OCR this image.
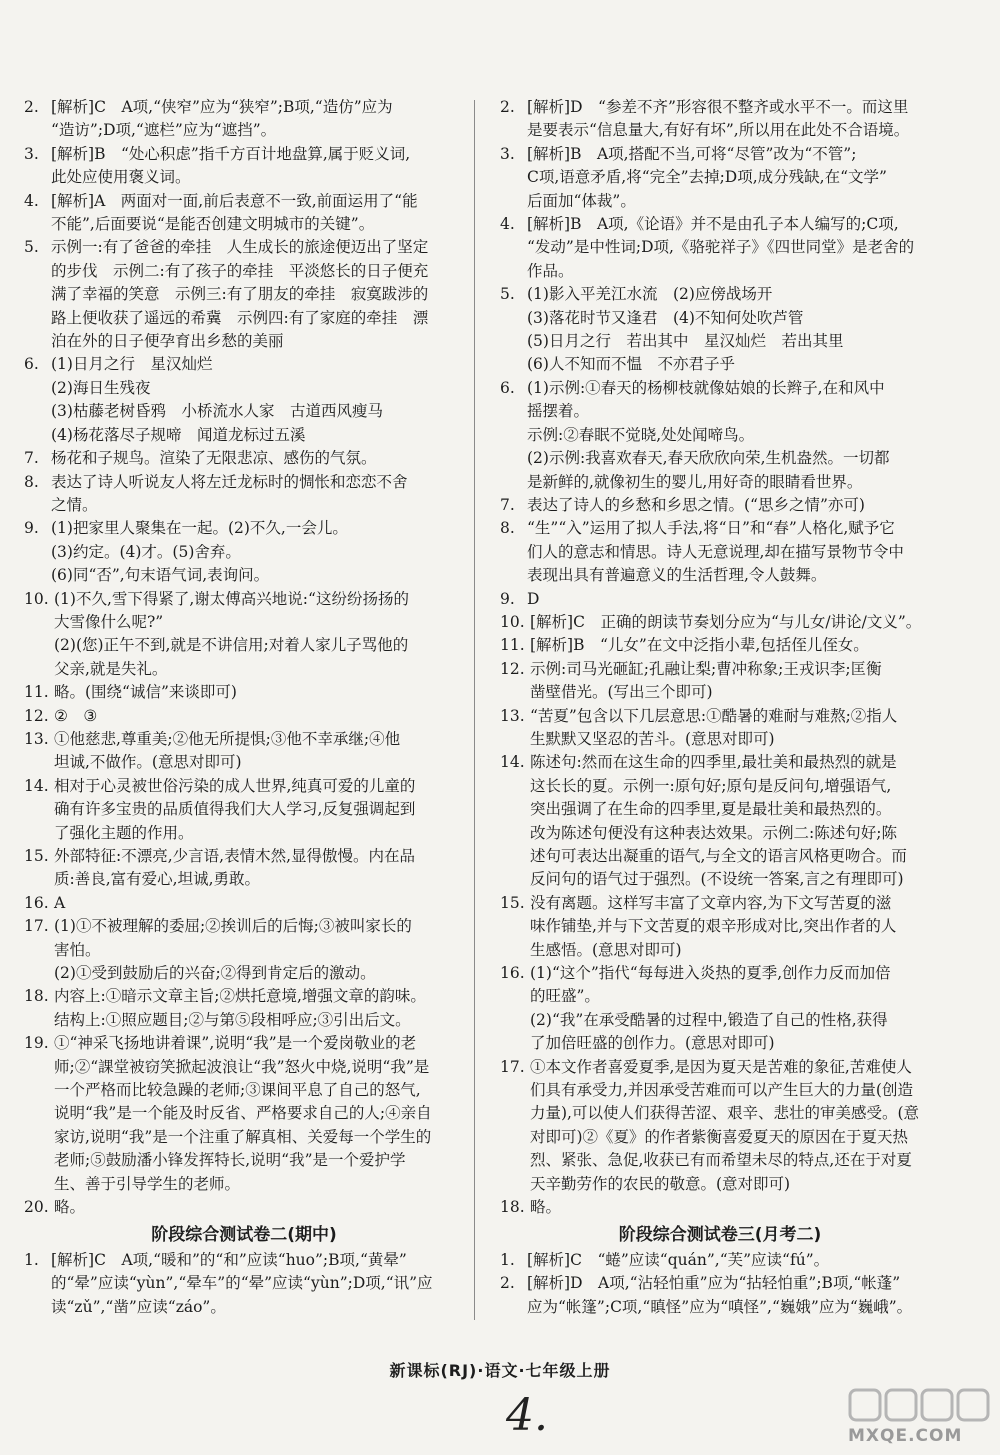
2. [解析]C　A项,“侠窄”应为“狭窄”;B项,“造仿”应为
“造访”;D项,“遮栏”应为“遮挡”。
3. [解析]B　“处心积虑”指千方百计地盘算,属于贬义词,
此处应使用褒义词。
4. [解析]A　两面对一面,前后表意不一致,前面运用了“能
不能”,后面要说“是能否创建文明城市的关键”。
5. 示例一:有了爸爸的牵挂　人生成长的旅途便迈出了坚定
的步伐　示例二:有了孩子的牵挂　平淡悠长的日子便充
满了幸福的笑意　示例三:有了朋友的牵挂　寂寞跋涉的
路上便收获了遥远的希冀　示例四:有了家庭的牵挂　漂
泊在外的日子便孕育出乡愁的美丽
6. (1)日月之行　星汉灿烂
(2)海日生残夜
(3)枯藤老树昏鸦　小桥流水人家　古道西风瘦马
(4)杨花落尽子规啼　闻道龙标过五溪
7. 杨花和子规鸟。渲染了无限悲凉、感伤的气氛。
8. 表达了诗人听说友人将左迁龙标时的惆怅和恋恋不舍
之情。
9. (1)把家里人聚集在一起。(2)不久,一会儿。
(3)约定。(4)才。(5)舍弃。
(6)同“否”,句末语气词,表询问。
10. (1)不久,雪下得紧了,谢太傅高兴地说:“这纷纷扬扬的
大雪像什么呢?”
(2)(您)正午不到,就是不讲信用;对着人家儿子骂他的
父亲,就是失礼。
11. 略。(围绕“诚信”来谈即可)
12. ②　③
13. ①他慈悲,尊重美;②他无所提惧;③他不幸承继;④他
坦诚,不做作。(意思对即可)
14. 相对于心灵被世俗污染的成人世界,纯真可爱的儿童的
确有许多宝贵的品质值得我们大人学习,反复强调起到
了强化主题的作用。
15. 外部特征:不漂亮,少言语,表情木然,显得傲慢。内在品
质:善良,富有爱心,坦诚,勇敢。
16. A
17. (1)①不被理解的委屈;②挨训后的后悔;③被叫家长的
害怕。
(2)①受到鼓励后的兴奋;②得到肯定后的激动。
18. 内容上:①暗示文章主旨;②烘托意境,增强文章的韵味。
结构上:①照应题目;②与第⑤段相呼应;③引出后文。
19. ①“神采飞扬地讲着课”,说明“我”是一个爱岗敬业的老
师;②“課堂被窃笑掀起波浪让“我”怒火中烧,说明“我”是
一个严格而比较急躁的老师;③课间平息了自己的怒气,
说明“我”是一个能及时反省、严格要求自己的人;④亲自
家访,说明“我”是一个注重了解真相、关爱每一个学生的
老师;⑤鼓励潘小锋发挥特长,说明“我”是一个爱护学
生、善于引导学生的老师。
20. 略。
阶段综合测试卷二(期中)
1. [解析]C　A项,“暖和”的“和”应读“huo”;B项,“黄晕”
的“晕”应读“yùn”,“晕车”的“晕”应读“yùn”;D项,“讯”应
读“zǔ”,“凿”应读“záo”。
2. [解析]D　“参差不齐”形容很不整齐或水平不一。而这里
是要表示“信息量大,有好有坏”,所以用在此处不合语境。
3. [解析]B　A项,搭配不当,可将“尽管”改为“不管”;
C项,语意矛盾,将“完全”去掉;D项,成分残缺,在“文学”
后面加“体裁”。
4. [解析]B　A项,《论语》并不是由孔子本人编写的;C项,
“发动”是中性词;D项,《骆驼祥子》《四世同堂》是老舍的
作品。
5. (1)影入平羌江水流　(2)应傍战场开
(3)落花时节又逢君　(4)不知何处吹芦管
(5)日月之行　若出其中　星汉灿烂　若出其里
(6)人不知而不愠　不亦君子乎
6. (1)示例:①春天的杨柳枝就像姑娘的长辫子,在和风中
摇摆着。
示例:②春眠不觉晓,处处闻啼鸟。
(2)示例:我喜欢春天,春天欣欣向荣,生机盎然。一切都
是新鲜的,就像初生的婴儿,用好奇的眼睛看世界。
7. 表达了诗人的乡愁和乡思之情。(“思乡之情”亦可)
8. “生”“入”运用了拟人手法,将“日”和“春”人格化,赋予它
们人的意志和情思。诗人无意说理,却在描写景物节令中
表现出具有普遍意义的生活哲理,令人鼓舞。
9. D
10. [解析]C　正确的朗读节奏划分应为“与儿女/讲论/文义”。
11. [解析]B　“儿女”在文中泛指小辈,包括侄儿侄女。
12. 示例:司马光砸缸;孔融让梨;曹冲称象;王戎识李;匡衡
凿壁借光。(写出三个即可)
13. “苦夏”包含以下几层意思:①酷暑的难耐与难熬;②指人
生默默又坚忍的苦斗。(意思对即可)
14. 陈述句:然而在这生命的四季里,最壮美和最热烈的就是
这长长的夏。示例一:原句好;原句是反问句,增强语气,
突出强调了在生命的四季里,夏是最壮美和最热烈的。
改为陈述句便没有这种表达效果。示例二:陈述句好;陈
述句可表达出凝重的语气,与全文的语言风格更吻合。而
反问句的语气过于强烈。(不设统一答案,言之有理即可)
15. 没有离题。这样写丰富了文章内容,为下文写苦夏的滋
味作铺垫,并与下文苦夏的艰辛形成对比,突出作者的人
生感悟。(意思对即可)
16. (1)“这个”指代“每每进入炎热的夏季,创作力反而加倍
的旺盛”。
(2)“我”在承受酷暑的过程中,锻造了自己的性格,获得
了加倍旺盛的创作力。(意思对即可)
17. ①本文作者喜爱夏季,是因为夏天是苦难的象征,苦难使人
们具有承受力,并因承受苦难而可以产生巨大的力量(创造
力量),可以使人们获得苦涩、艰辛、悲壮的审美感受。(意
对即可)②《夏》的作者紫衡喜爱夏天的原因在于夏天热
烈、紧张、急促,收获已有而希望未尽的特点,还在于对夏
天辛勤劳作的农民的敬意。(意对即可)
18. 略。
阶段综合测试卷三(月考二)
1. [解析]C　“蜷”应读“quán”,“芙”应读“fú”。
2. [解析]D　A项,“沾轻怕重”应为“拈轻怕重”;B项,“帐蓬”
应为“帐篷”;C项,“瞋怪”应为“嗔怪”,“巍娥”应为“巍峨”。
新课标(RJ)·语文·七年级上册
4.	MXQE.COM
